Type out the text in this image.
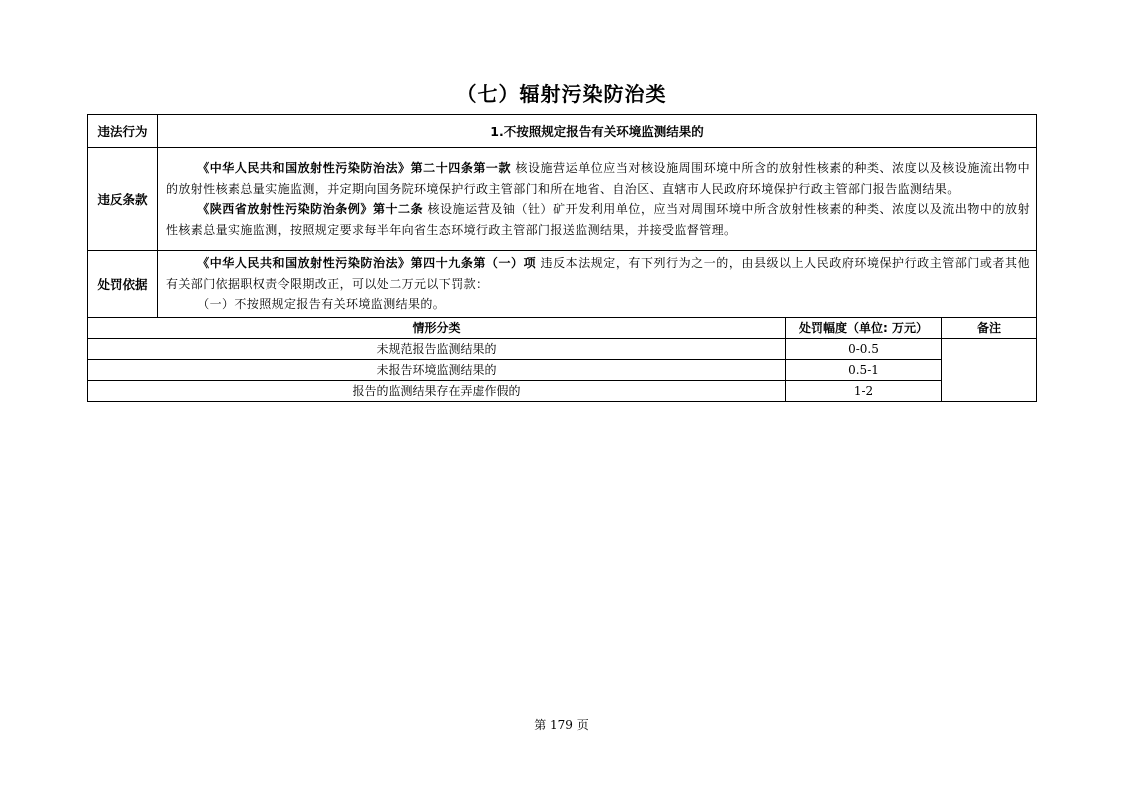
（七）辐射污染防治类
违法行为	1.不按照规定报告有关环境监测结果的		
违反条款	《中华人民共和国放射性污染防治法》第二十四条第一款 核设施营运单位应当对核设施周围环境中所含的放射性核素的种类、浓度以及核设施流出物中的放射性核素总量实施监测，并定期向国务院环境保护行政主管部门和所在地省、自治区、直辖市人民政府环境保护行政主管部门报告监测结果。

《陕西省放射性污染防治条例》第十二条 核设施运营及铀（钍）矿开发利用单位，应当对周围环境中所含放射性核素的种类、浓度以及流出物中的放射性核素总量实施监测，按照规定要求每半年向省生态环境行政主管部门报送监测结果，并接受监督管理。		

处罚依据	《中华人民共和国放射性污染防治法》第四十九条第（一）项 违反本法规定，有下列行为之一的，由县级以上人民政府环境保护行政主管部门或者其他有关部门依据职权责令限期改正，可以处二万元以下罚款：

（一）不按照规定报告有关环境监测结果的。		

情形分类		处罚幅度（单位: 万元）	备注
未规范报告监测结果的		0-0.5	
未报告环境监测结果的		0.5-1	
报告的监测结果存在弄虚作假的		1-2	
第 179 页
